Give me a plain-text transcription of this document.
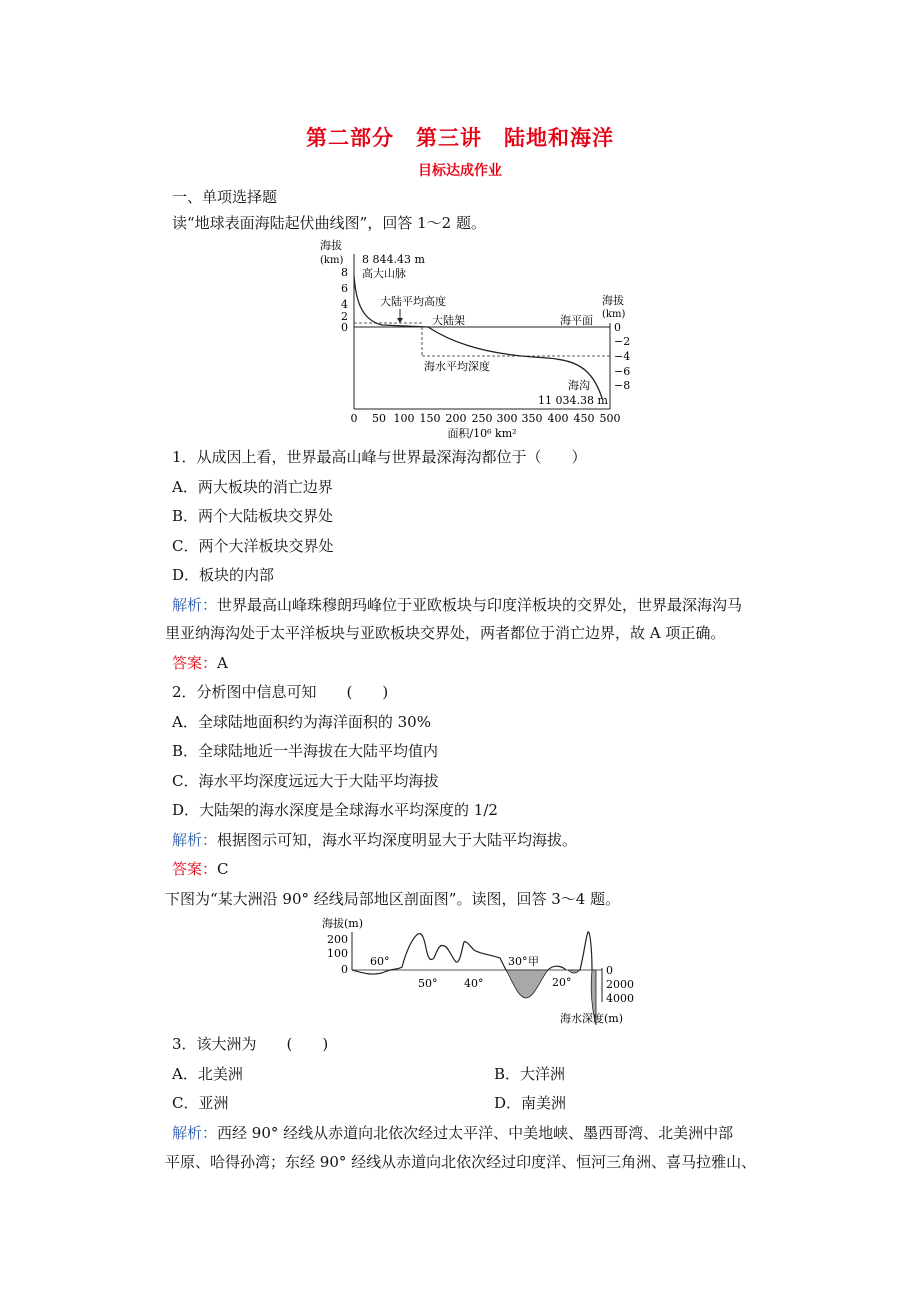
第二部分　第三讲　陆地和海洋
目标达成作业
一、单项选择题
读“地球表面海陆起伏曲线图”，回答 1～2 题。
海拔
(km)
8
6
4
2
0
8 844.43 m
高大山脉
大陆平均高度
大陆架	海平面
海拔
(km)
0
−2
−4
−6
−8
海水平均深度
海沟
11 034.38 m
0 50 100 150 200 250 300 350 400 450 500
面积/10⁶ km²
1．从成因上看，世界最高山峰与世界最深海沟都位于（　　）
A．两大板块的消亡边界
B．两个大陆板块交界处
C．两个大洋板块交界处
D．板块的内部
解析：世界最高山峰珠穆朗玛峰位于亚欧板块与印度洋板块的交界处，世界最深海沟马
里亚纳海沟处于太平洋板块与亚欧板块交界处，两者都位于消亡边界，故 A 项正确。
答案：A
2．分析图中信息可知　　(　　)
A．全球陆地面积约为海洋面积的 30%
B．全球陆地近一半海拔在大陆平均值内
C．海水平均深度远远大于大陆平均海拔
D．大陆架的海水深度是全球海水平均深度的 1/2
解析：根据图示可知，海水平均深度明显大于大陆平均海拔。
答案：C
下图为“某大洲沿 90° 经线局部地区剖面图”。读图，回答 3～4 题。
海拔(m)
200
100
0	0
2000
4000
海水深度(m)
60°
50° 40°
30° 甲
20°
3．该大洲为　　(　　)
A．北美洲	B．大洋洲
C．亚洲	D．南美洲
解析：西经 90° 经线从赤道向北依次经过太平洋、中美地峡、墨西哥湾、北美洲中部
平原、哈得孙湾；东经 90° 经线从赤道向北依次经过印度洋、恒河三角洲、喜马拉雅山、
